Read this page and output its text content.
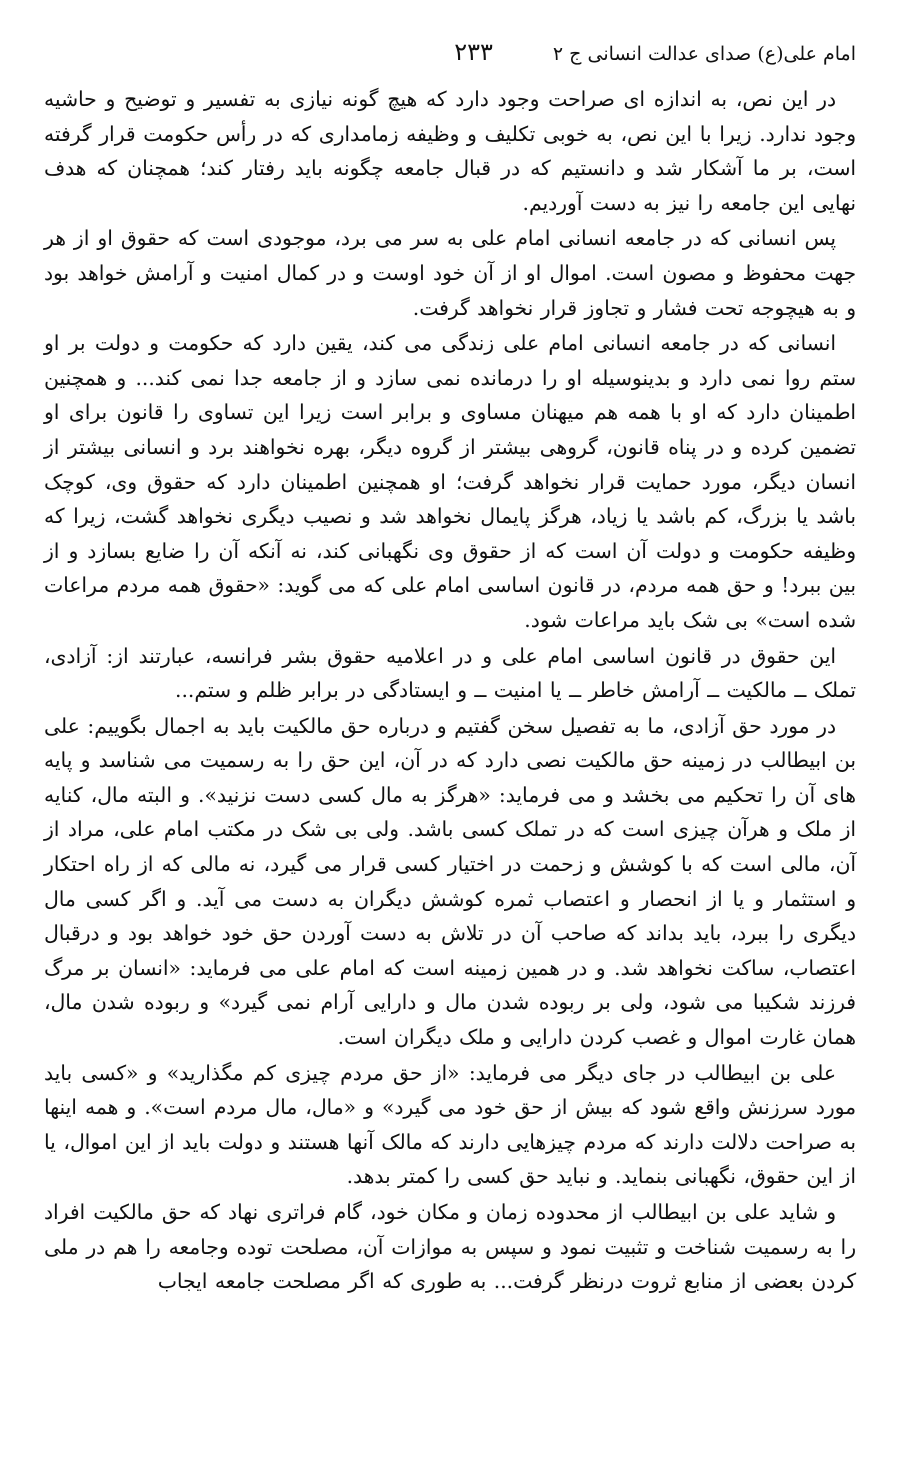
امام علی(ع) صدای عدالت انسانی ج ۲
۲۳۳

در این نص، به اندازه ای صراحت وجود دارد که هیچ گونه نیازی به تفسیر و توضیح و حاشیه وجود ندارد. زیرا با این نص، به خوبی تکلیف و وظیفه زمامداری که در رأس حکومت قرار گرفته است، بر ما آشکار شد و دانستیم که در قبال جامعه چگونه باید رفتار کند؛ همچنان که هدف نهایی این جامعه را نیز به دست آوردیم.

پس انسانی که در جامعه انسانی امام علی به سر می برد، موجودی است که حقوق او از هر جهت محفوظ و مصون است. اموال او از آن خود اوست و در کمال امنیت و آرامش خواهد بود و به هیچوجه تحت فشار و تجاوز قرار نخواهد گرفت.

انسانی که در جامعه انسانی امام علی زندگی می کند، یقین دارد که حکومت و دولت بر او ستم روا نمی دارد و بدینوسیله او را درمانده نمی سازد و از جامعه جدا نمی کند... و همچنین اطمینان دارد که او با همه هم میهنان مساوی و برابر است زیرا این تساوی را قانون برای او تضمین کرده و در پناه قانون، گروهی بیشتر از گروه دیگر، بهره نخواهند برد و انسانی بیشتر از انسان دیگر، مورد حمایت قرار نخواهد گرفت؛ او همچنین اطمینان دارد که حقوق وی، کوچک باشد یا بزرگ، کم باشد یا زیاد، هرگز پایمال نخواهد شد و نصیب دیگری نخواهد گشت، زیرا که وظیفه حکومت و دولت آن است که از حقوق وی نگهبانی کند، نه آنکه آن را ضایع بسازد و از بین ببرد! و حق همه مردم، در قانون اساسی امام علی که می گوید: «حقوق همه مردم مراعات شده است» بی شک باید مراعات شود.

این حقوق در قانون اساسی امام علی و در اعلامیه حقوق بشر فرانسه، عبارتند از: آزادی، تملک ــ مالکیت ــ آرامش خاطر ــ یا امنیت ــ و ایستادگی در برابر ظلم و ستم...

در مورد حق آزادی، ما به تفصیل سخن گفتیم و درباره حق مالکیت باید به اجمال بگوییم: علی بن ابیطالب در زمینه حق مالکیت نصی دارد که در آن، این حق را به رسمیت می شناسد و پایه های آن را تحکیم می بخشد و می فرماید: «هرگز به مال کسی دست نزنید». و البته مال، کنایه از ملک و هرآن چیزی است که در تملک کسی باشد. ولی بی شک در مکتب امام علی، مراد از آن، مالی است که با کوشش و زحمت در اختیار کسی قرار می گیرد، نه مالی که از راه احتکار و استثمار و یا از انحصار و اعتصاب ثمره کوشش دیگران به دست می آید. و اگر کسی مال دیگری را ببرد، باید بداند که صاحب آن در تلاش به دست آوردن حق خود خواهد بود و درقبال اعتصاب، ساکت نخواهد شد. و در همین زمینه است که امام علی می فرماید: «انسان بر مرگ فرزند شکیبا می شود، ولی بر ربوده شدن مال و دارایی آرام نمی گیرد» و ربوده شدن مال، همان غارت اموال و غصب کردن دارایی و ملک دیگران است.

علی بن ابیطالب در جای دیگر می فرماید: «از حق مردم چیزی کم مگذارید» و «کسی باید مورد سرزنش واقع شود که بیش از حق خود می گیرد» و «مال، مال مردم است». و همه اینها به صراحت دلالت دارند که مردم چیزهایی دارند که مالک آنها هستند و دولت باید از این اموال، یا از این حقوق، نگهبانی بنماید. و نباید حق کسی را کمتر بدهد.

و شاید علی بن ابیطالب از محدوده زمان و مکان خود، گام فراتری نهاد که حق مالکیت افراد را به رسمیت شناخت و تثبیت نمود و سپس به موازات آن، مصلحت توده وجامعه را هم در ملی کردن بعضی از منابع ثروت درنظر گرفت... به طوری که اگر مصلحت جامعه ایجاب
